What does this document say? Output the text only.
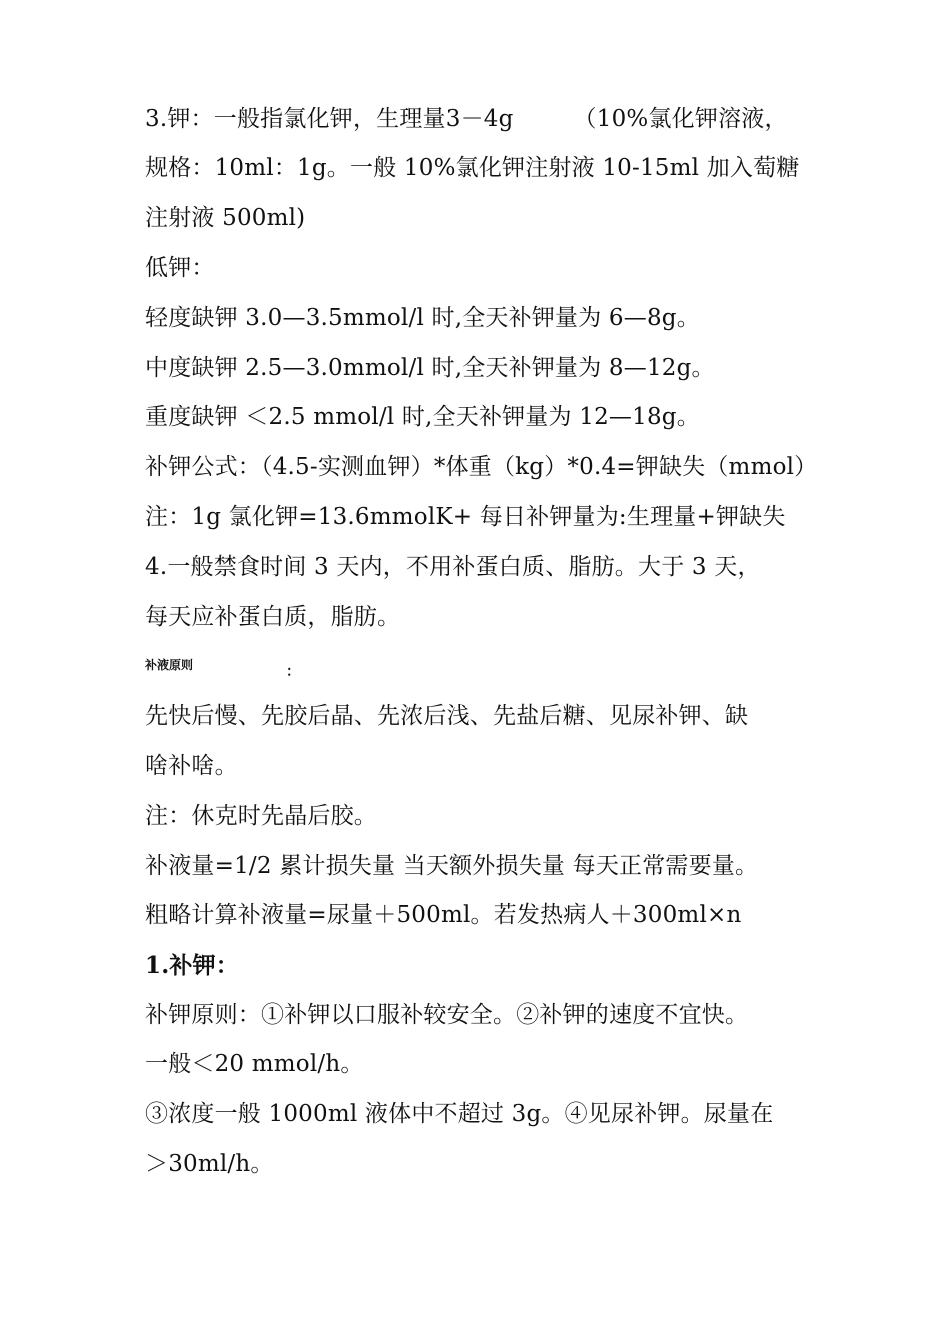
3.钾：一般指氯化钾，生理量3－4g	（10%氯化钾溶液，
规格：10ml：1g。一般 10%氯化钾注射液 10-15ml 加入萄糖
注射液 500ml)
低钾：
轻度缺钾 3.0—3.5mmol/l 时,全天补钾量为 6—8g。
中度缺钾 2.5—3.0mmol/l 时,全天补钾量为 8—12g。
重度缺钾 ＜2.5 mmol/l 时,全天补钾量为 12—18g。
补钾公式：（4.5-实测血钾）*体重（kg）*0.4=钾缺失（mmol）
注：1g 氯化钾=13.6mmolK+ 每日补钾量为:生理量+钾缺失
4.一般禁食时间 3 天内，不用补蛋白质、脂肪。大于 3 天，
每天应补蛋白质，脂肪。
补液原则	：
先快后慢、先胶后晶、先浓后浅、先盐后糖、见尿补钾、缺
啥补啥。
注：休克时先晶后胶。
补液量=1/2 累计损失量 当天额外损失量 每天正常需要量。
粗略计算补液量=尿量＋500ml。若发热病人＋300ml×n
1.补钾：
补钾原则：①补钾以口服补较安全。②补钾的速度不宜快。
一般＜20 mmol/h。
③浓度一般 1000ml 液体中不超过 3g。④见尿补钾。尿量在
＞30ml/h。
